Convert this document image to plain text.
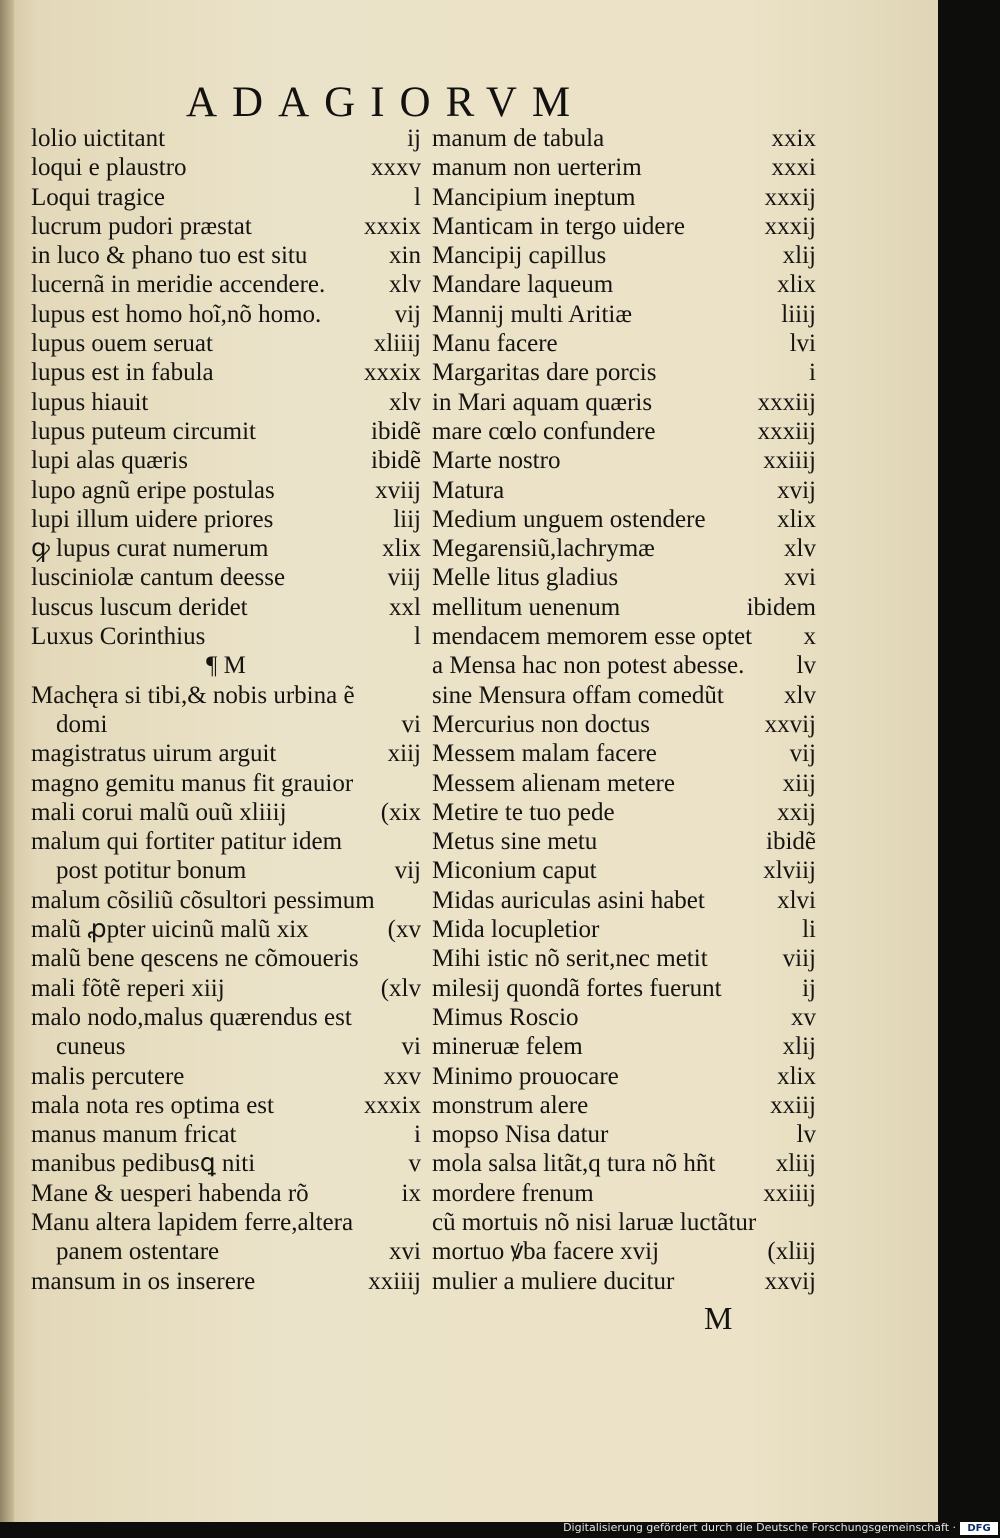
ADAGIORVM
lolio uictitant	ij
loqui e plaustro	xxxv
Loqui tragice	l
lucrum pudori præstat	xxxix
in luco & phano tuo est situ	xin
lucernã in meridie accendere.	xlv
lupus est homo hoĩ,nõ homo.	vij
lupus ouem seruat	xliiij
lupus est in fabula	xxxix
lupus hiauit	xlv
lupus puteum circumit	ibidẽ
lupi alas quæris	ibidẽ
lupo agnũ eripe postulas	xviij
lupi illum uidere priores	liij
ꝙ lupus curat numerum	xlix
lusciniolæ cantum deesse	viij
luscus luscum deridet	xxl
Luxus Corinthius	l
¶ M
Machęra si tibi,& nobis urbina ẽ
domi	vi
magistratus uirum arguit	xiij
magno gemitu manus fit grauior
mali corui malũ ouũ xliiij	(xix
malum qui fortiter patitur idem
post potitur bonum	vij
malum cõsiliũ cõsultori pessimum
malũ ꝓpter uicinũ malũ xix	(xv
malũ bene qescens ne cõmoueris
mali fõtẽ reperi xiij	(xlv
malo nodo,malus quærendus est
cuneus	vi
malis percutere	xxv
mala nota res optima est	xxxix
manus manum fricat	i
manibus pedibusꝗ niti	v
Mane & uesperi habenda rõ	ix
Manu altera lapidem ferre,altera
panem ostentare	xvi
mansum in os inserere	xxiiij
manum de tabula	xxix
manum non uerterim	xxxi
Mancipium ineptum	xxxij
Manticam in tergo uidere	xxxij
Mancipij capillus	xlij
Mandare laqueum	xlix
Mannij multi Aritiæ	liiij
Manu facere	lvi
Margaritas dare porcis	i
in Mari aquam quæris	xxxiij
mare cœlo confundere	xxxiij
Marte nostro	xxiiij
Matura	xvij
Medium unguem ostendere	xlix
Megarensiũ,lachrymæ	xlv
Melle litus gladius	xvi
mellitum uenenum	ibidem
mendacem memorem esse optet x
a Mensa hac non potest abesse. lv
sine Mensura offam comedũt xlv
Mercurius non doctus	xxvij
Messem malam facere	vij
Messem alienam metere	xiij
Metire te tuo pede	xxij
Metus sine metu	ibidẽ
Miconium caput	xlviij
Midas auriculas asini habet	xlvi
Mida locupletior	li
Mihi istic nõ serit,nec metit	viij
milesij quondã fortes fuerunt	ij
Mimus Roscio	xv
mineruæ felem	xlij
Minimo prouocare	xlix
monstrum alere	xxiij
mopso Nisa datur	lv
mola salsa litãt,q tura nõ hñt xliij
mordere frenum	xxiiij
cũ mortuis nõ nisi laruæ luctãtur
mortuo ꝟba facere xvij	(xliij
mulier a muliere ducitur	xxvij
M
Digitalisierung gefördert durch die Deutsche Forschungsgemeinschaft ·	DFG
